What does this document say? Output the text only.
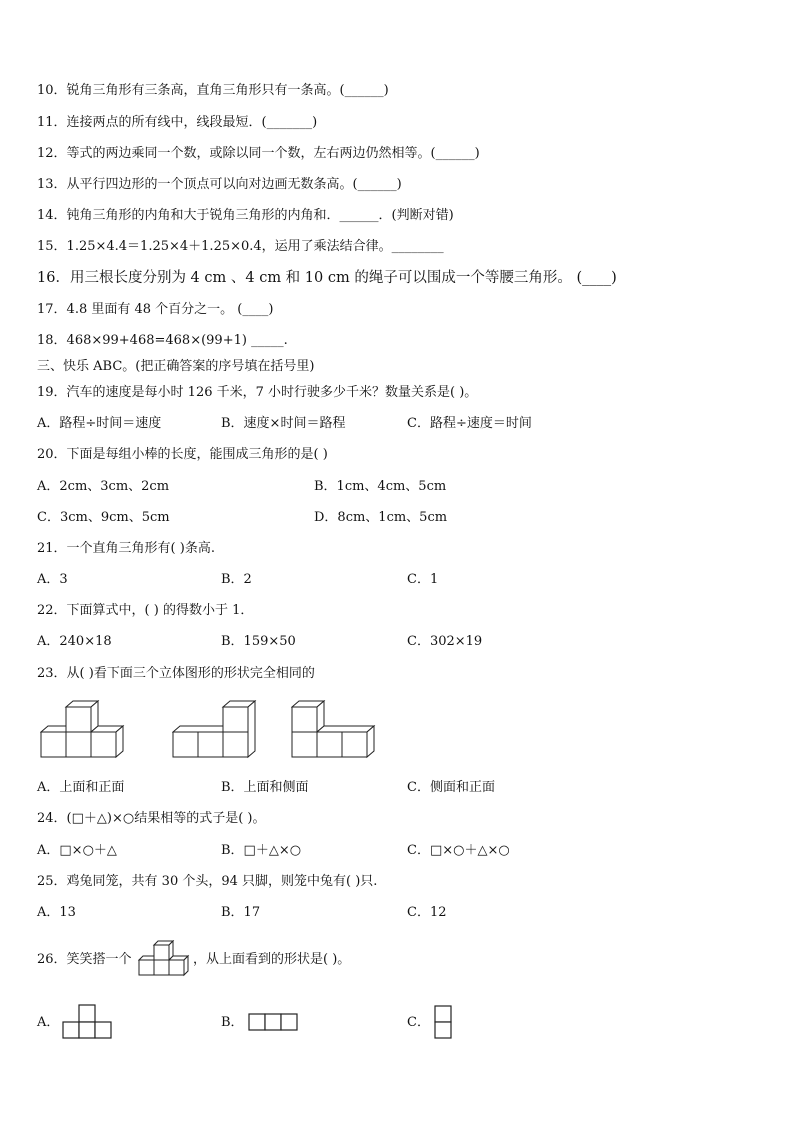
10．锐角三角形有三条高，直角三角形只有一条高。(______)
11．连接两点的所有线中，线段最短．(_______)
12．等式的两边乘同一个数，或除以同一个数，左右两边仍然相等。(______)
13．从平行四边形的一个顶点可以向对边画无数条高。(______)
14．钝角三角形的内角和大于锐角三角形的内角和．______．(判断对错)
15．1.25×4.4＝1.25×4＋1.25×0.4，运用了乘法结合律。________
16．用三根长度分别为 4 cm 、4 cm 和 10 cm 的绳子可以围成一个等腰三角形。 (____)
17．4.8 里面有 48 个百分之一。 (____)
18．468×99+468=468×(99+1) _____.
三、快乐 ABC。(把正确答案的序号填在括号里)
19．汽车的速度是每小时 126 千米，7 小时行驶多少千米？数量关系是( )。
A．路程÷时间＝速度	B．速度×时间＝路程	C．路程÷速度＝时间
20．下面是每组小棒的长度，能围成三角形的是( )
A．2cm、3cm、2cm	B．1cm、4cm、5cm
C．3cm、9cm、5cm	D．8cm、1cm、5cm
21．一个直角三角形有( )条高.
A．3	B．2	C．1
22．下面算式中，( ) 的得数小于 1．
A．240×18	B．159×50	C．302×19
23．从( )看下面三个立体图形的形状完全相同的
A．上面和正面	B．上面和侧面	C．侧面和正面
24．(□＋△)×○结果相等的式子是( )。
A．□×○＋△	B．□＋△×○	C．□×○＋△×○
25．鸡兔同笼，共有 30 个头，94 只脚，则笼中兔有( )只.
A．13	B．17	C．12
26．笑笑搭一个	，从上面看到的形状是( )。
A．	B．	C．
